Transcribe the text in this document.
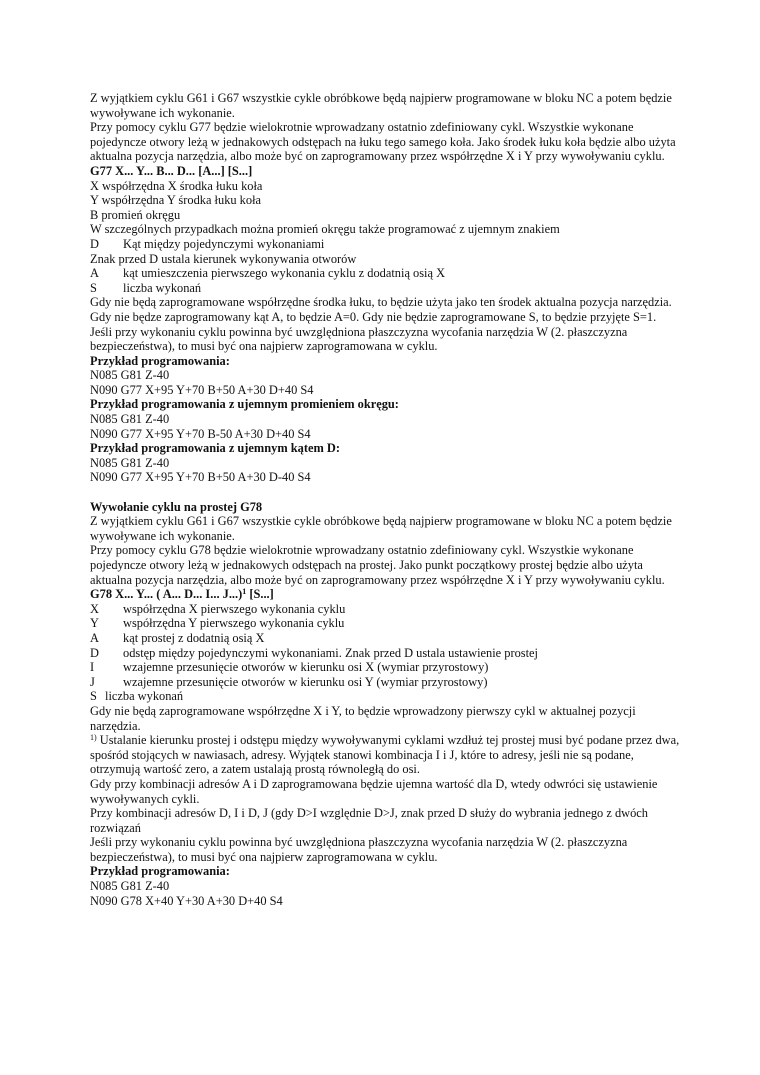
Z wyjątkiem cyklu G61 i G67 wszystkie cykle obróbkowe będą najpierw programowane w bloku NC a potem będzie wywoływane ich wykonanie.

Przy pomocy cyklu G77 będzie wielokrotnie wprowadzany ostatnio zdefiniowany cykl. Wszystkie wykonane pojedyncze otwory leżą w jednakowych odstępach na łuku tego samego koła. Jako środek łuku koła będzie albo użyta aktualna pozycja narzędzia, albo może być on zaprogramowany przez współrzędne X i Y przy wywoływaniu cyklu.

G77 X... Y... B... D... [A...] [S...]

X współrzędna X środka łuku koła

Y współrzędna Y środka łuku koła

B promień okręgu

W szczególnych przypadkach można promień okręgu także programować z ujemnym znakiem

D	Kąt między pojedynczymi wykonaniami

Znak przed D ustala kierunek wykonywania otworów

A	kąt umieszczenia pierwszego wykonania cyklu z dodatnią osią X
S	liczba wykonań

Gdy nie będą zaprogramowane współrzędne środka łuku, to będzie użyta jako ten środek aktualna pozycja narzędzia.

Gdy nie będze zaprogramowany kąt A, to będzie A=0. Gdy nie będzie zaprogramowane S, to będzie przyjęte S=1.

Jeśli przy wykonaniu cyklu powinna być uwzględniona płaszczyzna wycofania narzędzia W (2. płaszczyzna bezpieczeństwa), to musi być ona najpierw zaprogramowana w cyklu.

Przykład programowania:

N085 G81 Z-40

N090 G77 X+95 Y+70 B+50 A+30 D+40 S4

Przykład programowania z ujemnym promieniem okręgu:

N085 G81 Z-40

N090 G77 X+95 Y+70 B-50 A+30 D+40 S4

Przykład programowania z ujemnym kątem D:

N085 G81 Z-40

N090 G77 X+95 Y+70 B+50 A+30 D-40 S4

Wywołanie cyklu na prostej G78

Z wyjątkiem cyklu G61 i G67 wszystkie cykle obróbkowe będą najpierw programowane w bloku NC a potem będzie wywoływane ich wykonanie.

Przy pomocy cyklu G78 będzie wielokrotnie wprowadzany ostatnio zdefiniowany cykl. Wszystkie wykonane pojedyncze otwory leżą w jednakowych odstępach na prostej. Jako punkt początkowy prostej będzie albo użyta aktualna pozycja narzędzia, albo może być on zaprogramowany przez współrzędne X i Y przy wywoływaniu cyklu.

G78 X... Y... ( A... D... I... J...)$^1$ [S...]

X	współrzędna X pierwszego wykonania cyklu
Y	współrzędna Y pierwszego wykonania cyklu
A	kąt prostej z dodatnią osią X
D	odstęp między pojedynczymi wykonaniami. Znak przed D ustala ustawienie prostej
I	wzajemne przesunięcie otworów w kierunku osi X (wymiar przyrostowy)
J	wzajemne przesunięcie otworów w kierunku osi Y (wymiar przyrostowy)
S liczba wykonań

Gdy nie będą zaprogramowane współrzędne X i Y, to będzie wprowadzony pierwszy cykl w aktualnej pozycji narzędzia.

$^{1)}$ Ustalanie kierunku prostej i odstępu między wywoływanymi cyklami wzdłuż tej prostej musi być podane przez dwa, spośród stojących w nawiasach, adresy. Wyjątek stanowi kombinacja I i J, które to adresy, jeśli nie są podane, otrzymują wartość zero, a zatem ustalają prostą równoległą do osi.

Gdy przy kombinacji adresów A i D zaprogramowana będzie ujemna wartość dla D, wtedy odwróci się ustawienie wywoływanych cykli.

Przy kombinacji adresów D, I i D, J (gdy D>I względnie D>J, znak przed D służy do wybrania jednego z dwóch rozwiązań

Jeśli przy wykonaniu cyklu powinna być uwzględniona płaszczyzna wycofania narzędzia W (2. płaszczyzna bezpieczeństwa), to musi być ona najpierw zaprogramowana w cyklu.

Przykład programowania:

N085 G81 Z-40

N090 G78 X+40 Y+30 A+30 D+40 S4
